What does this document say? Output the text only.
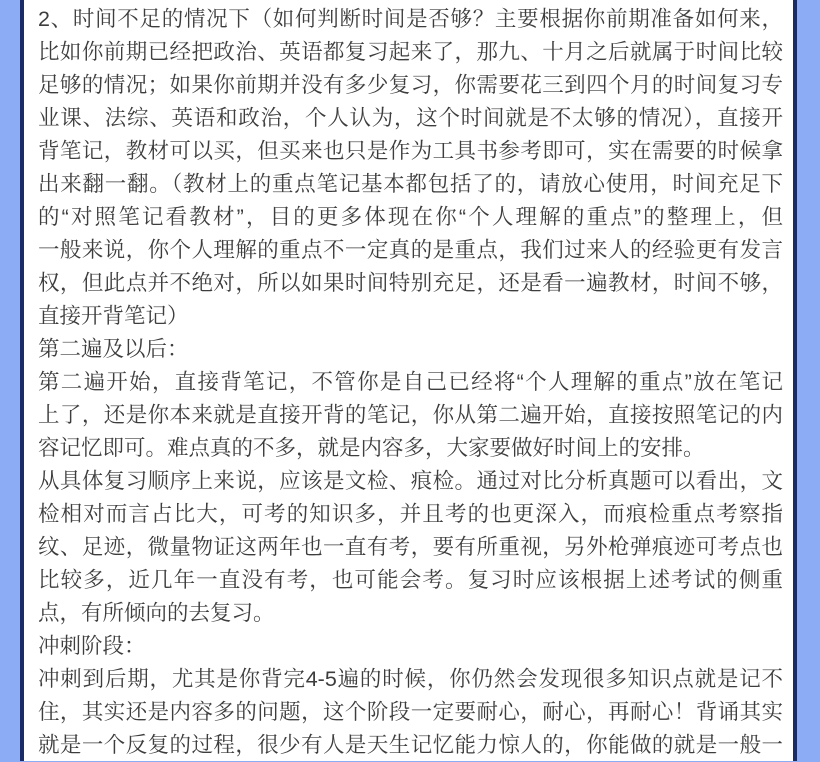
2、时间不足的情况下（如何判断时间是否够？主要根据你前期准备如何来，
比如你前期已经把政治、英语都复习起来了，那九、十月之后就属于时间比较
足够的情况；如果你前期并没有多少复习，你需要花三到四个月的时间复习专
业课、法综、英语和政治，个人认为，这个时间就是不太够的情况），直接开
背笔记，教材可以买，但买来也只是作为工具书参考即可，实在需要的时候拿
出来翻一翻。（教材上的重点笔记基本都包括了的，请放心使用，时间充足下
的“对照笔记看教材”，目的更多体现在你“个人理解的重点”的整理上，但
一般来说，你个人理解的重点不一定真的是重点，我们过来人的经验更有发言
权，但此点并不绝对，所以如果时间特别充足，还是看一遍教材，时间不够，
直接开背笔记）
第二遍及以后：
第二遍开始，直接背笔记，不管你是自己已经将“个人理解的重点”放在笔记
上了，还是你本来就是直接开背的笔记，你从第二遍开始，直接按照笔记的内
容记忆即可。难点真的不多，就是内容多，大家要做好时间上的安排。
从具体复习顺序上来说，应该是文检、痕检。通过对比分析真题可以看出，文
检相对而言占比大，可考的知识多，并且考的也更深入，而痕检重点考察指
纹、足迹，微量物证这两年也一直有考，要有所重视，另外枪弹痕迹可考点也
比较多，近几年一直没有考，也可能会考。复习时应该根据上述考试的侧重
点，有所倾向的去复习。
冲刺阶段：
冲刺到后期，尤其是你背完4-5遍的时候，你仍然会发现很多知识点就是记不
住，其实还是内容多的问题，这个阶段一定要耐心，耐心，再耐心！背诵其实
就是一个反复的过程，很少有人是天生记忆能力惊人的，你能做的就是一般一
